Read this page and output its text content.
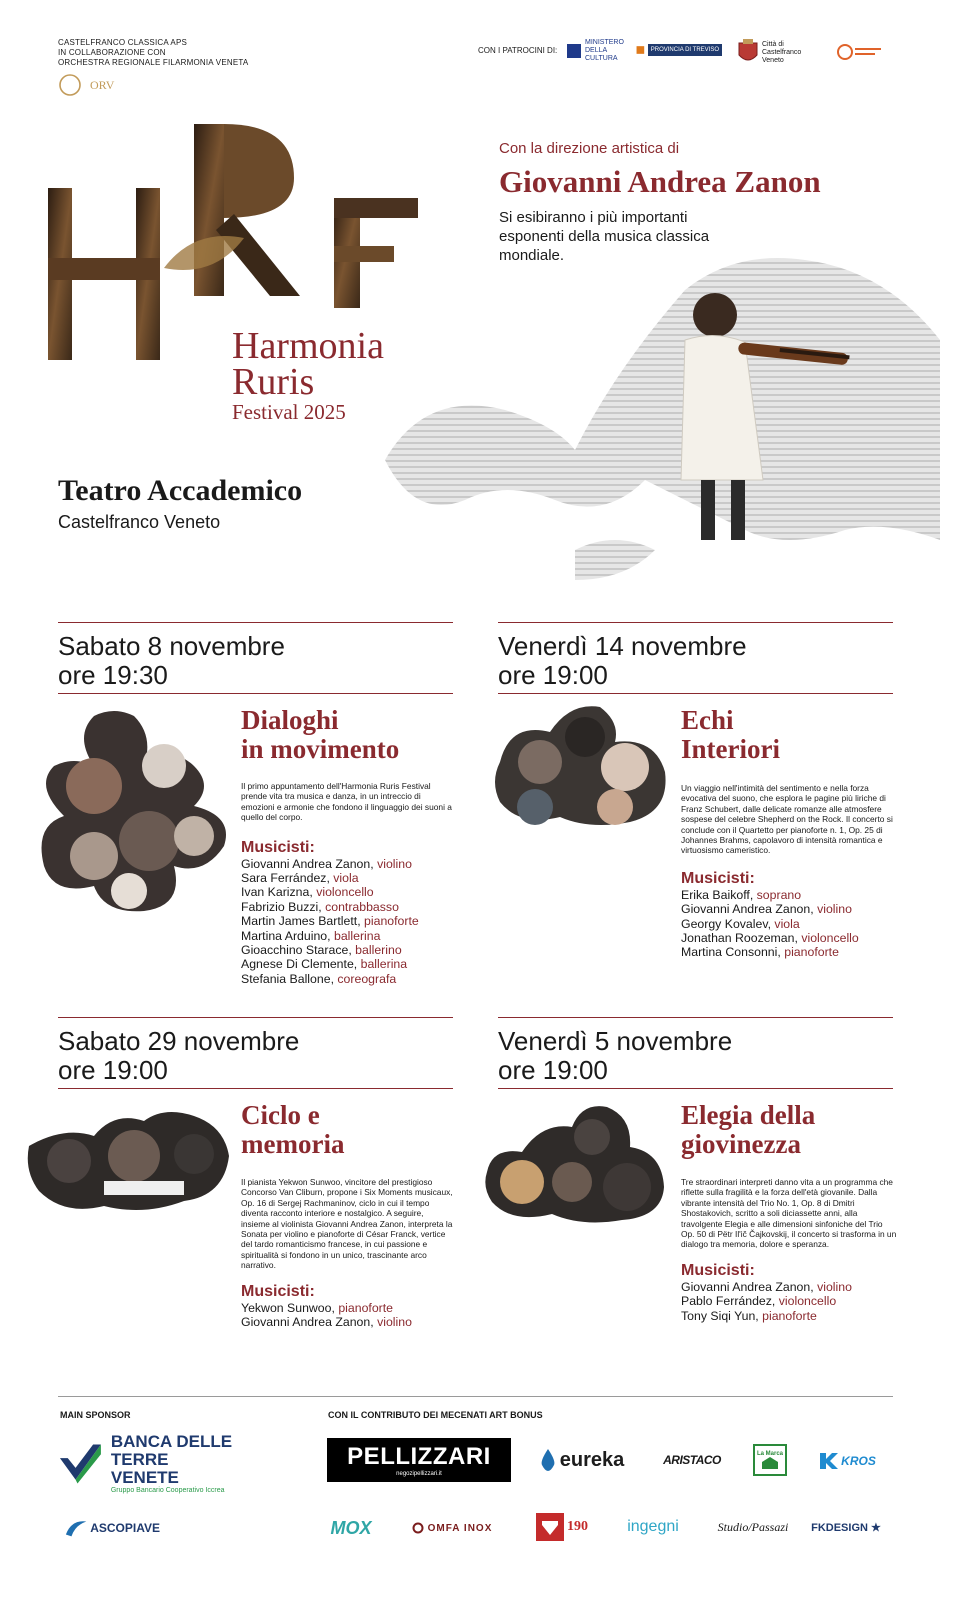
CASTELFRANCO CLASSICA APS
IN COLLABORAZIONE CON
ORCHESTRA REGIONALE FILARMONIA VENETA
ORV
CON I PATROCINI DI:
MINISTERO DELLA CULTURA
PROVINCIA DI TREVISO
Città di Castelfranco Veneto
Harmonia
Ruris
Festival 2025
Con la direzione artistica di
Giovanni Andrea Zanon
Si esibiranno i più importanti esponenti della musica classica mondiale.
Teatro Accademico
Castelfranco Veneto
Sabato 8 novembre
ore 19:30
Dialoghi
in movimento
Il primo appuntamento dell'Harmonia Ruris Festival prende vita tra musica e danza, in un intreccio di emozioni e armonie che fondono il linguaggio dei suoni a quello del corpo.
Musicisti:
Giovanni Andrea Zanon, violino
Sara Ferrández, viola
Ivan Karizna, violoncello
Fabrizio Buzzi, contrabbasso
Martin James Bartlett, pianoforte
Martina Arduino, ballerina
Gioacchino Starace, ballerino
Agnese Di Clemente, ballerina
Stefania Ballone, coreografa
Venerdì 14 novembre
ore 19:00
Echi
Interiori
Un viaggio nell'intimità del sentimento e nella forza evocativa del suono, che esplora le pagine più liriche di Franz Schubert, dalle delicate romanze alle atmosfere sospese del celebre Shepherd on the Rock. Il concerto si conclude con il Quartetto per pianoforte n. 1, Op. 25 di Johannes Brahms, capolavoro di intensità romantica e virtuosismo cameristico.
Musicisti:
Erika Baikoff, soprano
Giovanni Andrea Zanon, violino
Georgy Kovalev, viola
Jonathan Roozeman, violoncello
Martina Consonni, pianoforte
Sabato 29 novembre
ore 19:00
Ciclo e
memoria
Il pianista Yekwon Sunwoo, vincitore del prestigioso Concorso Van Cliburn, propone i Six Moments musicaux, Op. 16 di Sergej Rachmaninov, ciclo in cui il tempo diventa racconto interiore e nostalgico. A seguire, insieme al violinista Giovanni Andrea Zanon, interpreta la Sonata per violino e pianoforte di César Franck, vertice del tardo romanticismo francese, in cui passione e spiritualità si fondono in un unico, trascinante arco narrativo.
Musicisti:
Yekwon Sunwoo, pianoforte
Giovanni Andrea Zanon, violino
Venerdì 5 novembre
ore 19:00
Elegia della
giovinezza
Tre straordinari interpreti danno vita a un programma che riflette sulla fragilità e la forza dell'età giovanile. Dalla vibrante intensità del Trio No. 1, Op. 8 di Dmitri Shostakovich, scritto a soli diciassette anni, alla travolgente Elegia e alle dimensioni sinfoniche del Trio Op. 50 di Pëtr Il'ič Čajkovskij, il concerto si trasforma in un dialogo tra memoria, dolore e speranza.
Musicisti:
Giovanni Andrea Zanon, violino
Pablo Ferrández, violoncello
Tony Siqi Yun, pianoforte
MAIN SPONSOR	CON IL CONTRIBUTO DEI MECENATI ART BONUS
BANCA DELLE
TERRE VENETE
Gruppo Bancario Cooperativo Iccrea
PELLIZZARI
negozipellizzari.it
eureka	ARISTACO	La Marca	KROS
ASCOPIAVE	MOX	OMFA INOX	190 ingegni	Studio/Passazi FKDESIGN ★
